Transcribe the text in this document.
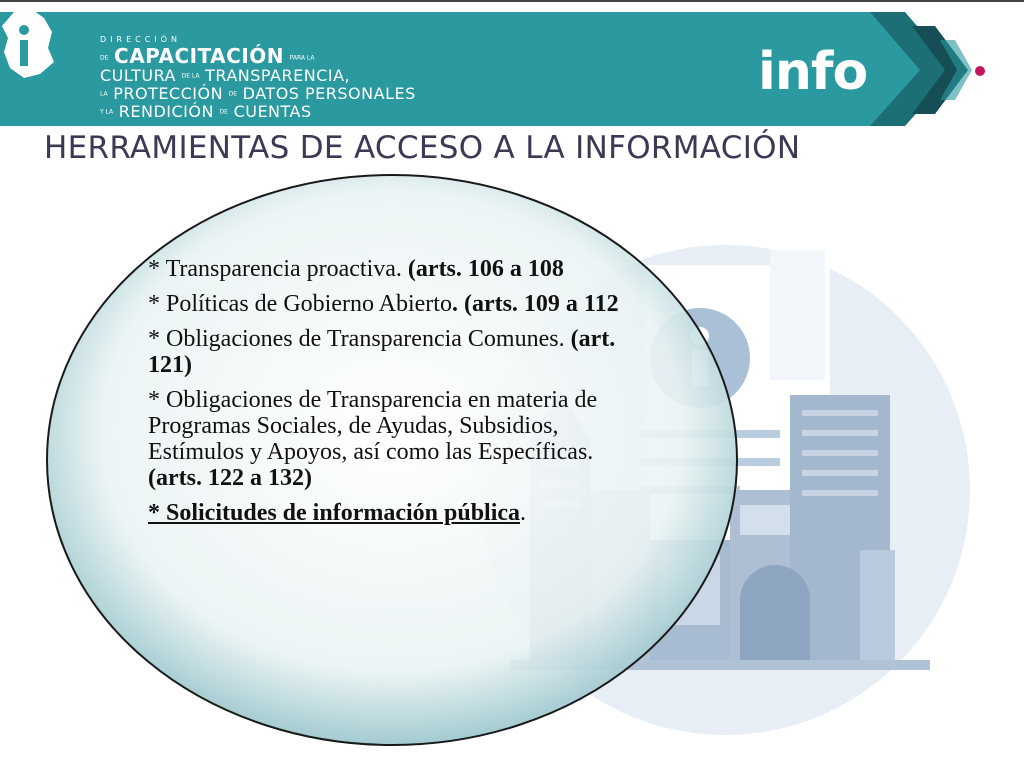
DIRECCIÓN
DE CAPACITACIÓN PARA LA
CULTURA DE LA TRANSPARENCIA,
LA PROTECCIÓN DE DATOS PERSONALES
Y LA RENDICIÓN DE CUENTAS
info
HERRAMIENTAS DE ACCESO A LA INFORMACIÓN

* Transparencia proactiva. (arts. 106 a 108

* Políticas de Gobierno Abierto. (arts. 109 a 112

* Obligaciones de Transparencia Comunes. (art. 121)

* Obligaciones de Transparencia en materia de Programas Sociales, de Ayudas, Subsidios, Estímulos y Apoyos, así como las Específicas. (arts. 122 a 132)

* Solicitudes de información pública.
